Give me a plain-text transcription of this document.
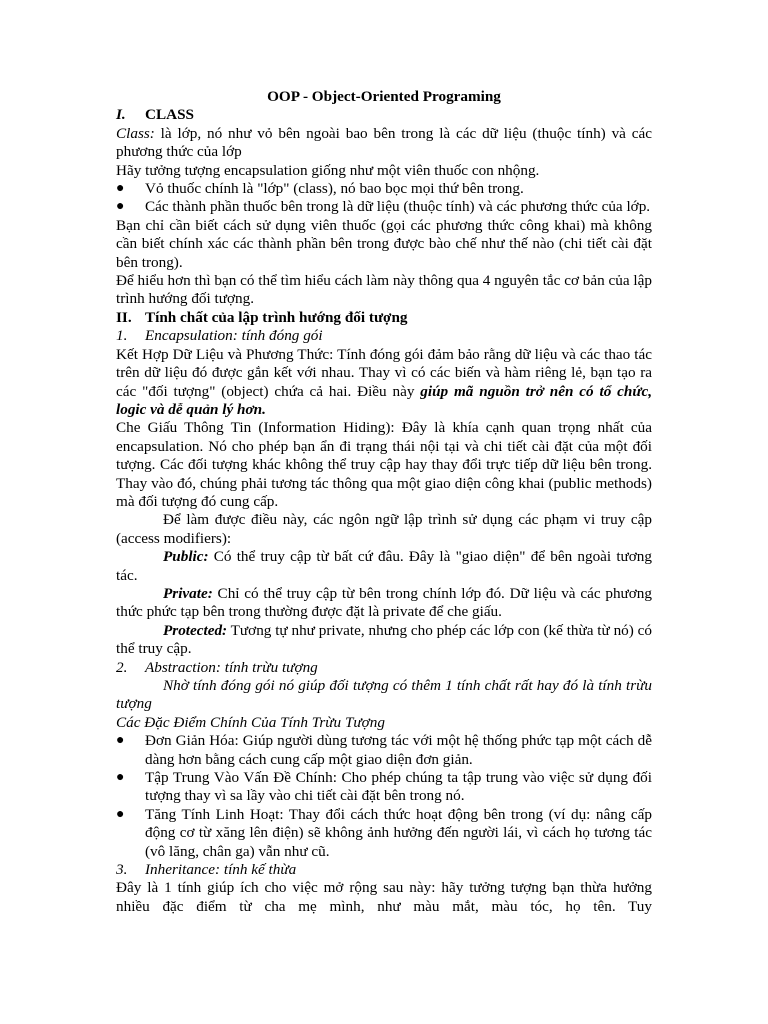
OOP - Object-Oriented Programing
I. CLASS

Class: là lớp, nó như vỏ bên ngoài bao bên trong là các dữ liệu (thuộc tính) và các phương thức của lớp

Hãy tưởng tượng encapsulation giống như một viên thuốc con nhộng.

● Vỏ thuốc chính là "lớp" (class), nó bao bọc mọi thứ bên trong.
● Các thành phần thuốc bên trong là dữ liệu (thuộc tính) và các phương thức của lớp.

Bạn chỉ cần biết cách sử dụng viên thuốc (gọi các phương thức công khai) mà không cần biết chính xác các thành phần bên trong được bào chế như thế nào (chi tiết cài đặt bên trong).

Để hiểu hơn thì bạn có thể tìm hiểu cách làm này thông qua 4 nguyên tắc cơ bản của lập trình hướng đối tượng.

II. Tính chất của lập trình hướng đối tượng
1. Encapsulation: tính đóng gói

Kết Hợp Dữ Liệu và Phương Thức: Tính đóng gói đảm bảo rằng dữ liệu và các thao tác trên dữ liệu đó được gắn kết với nhau. Thay vì có các biến và hàm riêng lẻ, bạn tạo ra các "đối tượng" (object) chứa cả hai. Điều này giúp mã nguồn trở nên có tổ chức, logic và dễ quản lý hơn.

Che Giấu Thông Tin (Information Hiding): Đây là khía cạnh quan trọng nhất của encapsulation. Nó cho phép bạn ẩn đi trạng thái nội tại và chi tiết cài đặt của một đối tượng. Các đối tượng khác không thể truy cập hay thay đổi trực tiếp dữ liệu bên trong. Thay vào đó, chúng phải tương tác thông qua một giao diện công khai (public methods) mà đối tượng đó cung cấp.

Để làm được điều này, các ngôn ngữ lập trình sử dụng các phạm vi truy cập (access modifiers):

Public: Có thể truy cập từ bất cứ đâu. Đây là "giao diện" để bên ngoài tương tác.

Private: Chỉ có thể truy cập từ bên trong chính lớp đó. Dữ liệu và các phương thức phức tạp bên trong thường được đặt là private để che giấu.

Protected: Tương tự như private, nhưng cho phép các lớp con (kế thừa từ nó) có thể truy cập.

2. Abstraction: tính trừu tượng

Nhờ tính đóng gói nó giúp đối tượng có thêm 1 tính chất rất hay đó là tính trừu tượng

Các Đặc Điểm Chính Của Tính Trừu Tượng

● Đơn Giản Hóa: Giúp người dùng tương tác với một hệ thống phức tạp một cách dễ dàng hơn bằng cách cung cấp một giao diện đơn giản.
● Tập Trung Vào Vấn Đề Chính: Cho phép chúng ta tập trung vào việc sử dụng đối tượng thay vì sa lầy vào chi tiết cài đặt bên trong nó.
● Tăng Tính Linh Hoạt: Thay đổi cách thức hoạt động bên trong (ví dụ: nâng cấp động cơ từ xăng lên điện) sẽ không ảnh hưởng đến người lái, vì cách họ tương tác (vô lăng, chân ga) vẫn như cũ.
3. Inheritance: tính kế thừa

Đây là 1 tính giúp ích cho việc mở rộng sau này: hãy tưởng tượng bạn thừa hưởng nhiều đặc điểm từ cha mẹ mình, như màu mắt, màu tóc, họ tên. Tuy
